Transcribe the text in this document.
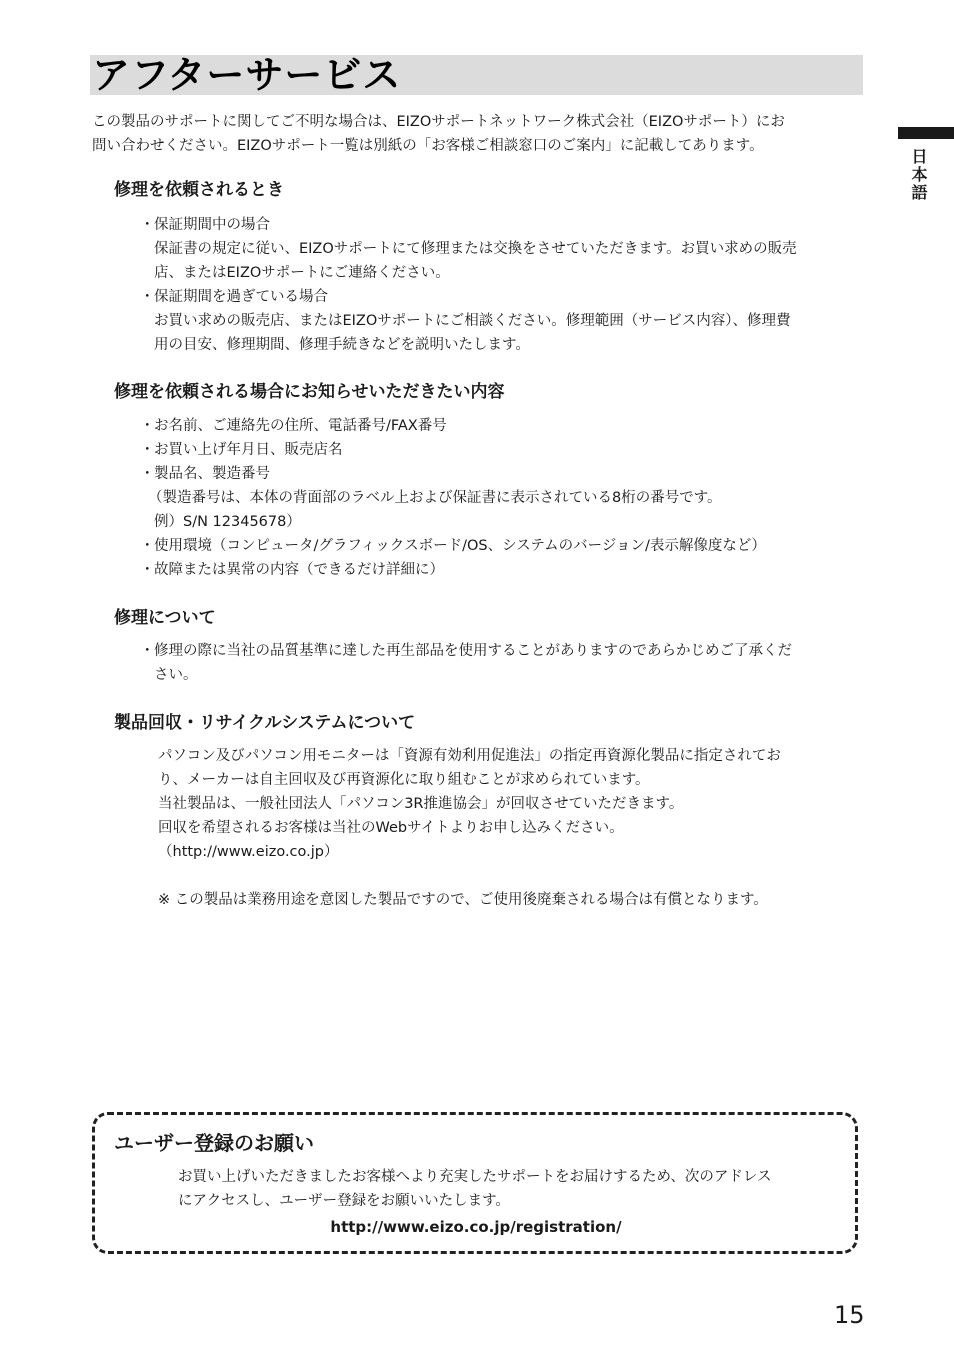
アフターサービス
日本語

この製品のサポートに関してご不明な場合は、EIZOサポートネットワーク株式会社（EIZOサポート）にお
問い合わせください。EIZOサポート一覧は別紙の「お客様ご相談窓口のご案内」に記載してあります。

修理を依頼されるとき
・ 保証期間中の場合
保証書の規定に従い、EIZOサポートにて修理または交換をさせていただきます。お買い求めの販売
店、またはEIZOサポートにご連絡ください。
・ 保証期間を過ぎている場合
お買い求めの販売店、またはEIZOサポートにご相談ください。修理範囲（サービス内容）、修理費
用の目安、修理期間、修理手続きなどを説明いたします。
修理を依頼される場合にお知らせいただきたい内容
・ お名前、ご連絡先の住所、電話番号/FAX番号
・ お買い上げ年月日、販売店名
・ 製品名、製造番号
（製造番号は、本体の背面部のラベル上および保証書に表示されている8桁の番号です。
例）S/N 12345678）
・ 使用環境（コンピュータ/グラフィックスボード/OS、システムのバージョン/表示解像度など）
・ 故障または異常の内容（できるだけ詳細に）
修理について
・ 修理の際に当社の品質基準に達した再生部品を使用することがありますのであらかじめご了承くだ
さい。
製品回収・リサイクルシステムについて

パソコン及びパソコン用モニターは「資源有効利用促進法」の指定再資源化製品に指定されてお
り、メーカーは自主回収及び再資源化に取り組むことが求められています。
当社製品は、一般社団法人「パソコン3R推進協会」が回収させていただきます。
回収を希望されるお客様は当社のWebサイトよりお申し込みください。
（http://www.eizo.co.jp）

※ この製品は業務用途を意図した製品ですので、ご使用後廃棄される場合は有償となります。

ユーザー登録のお願い

お買い上げいただきましたお客様へより充実したサポートをお届けするため、次のアドレス
にアクセスし、ユーザー登録をお願いいたします。

http://www.eizo.co.jp/registration/

15
